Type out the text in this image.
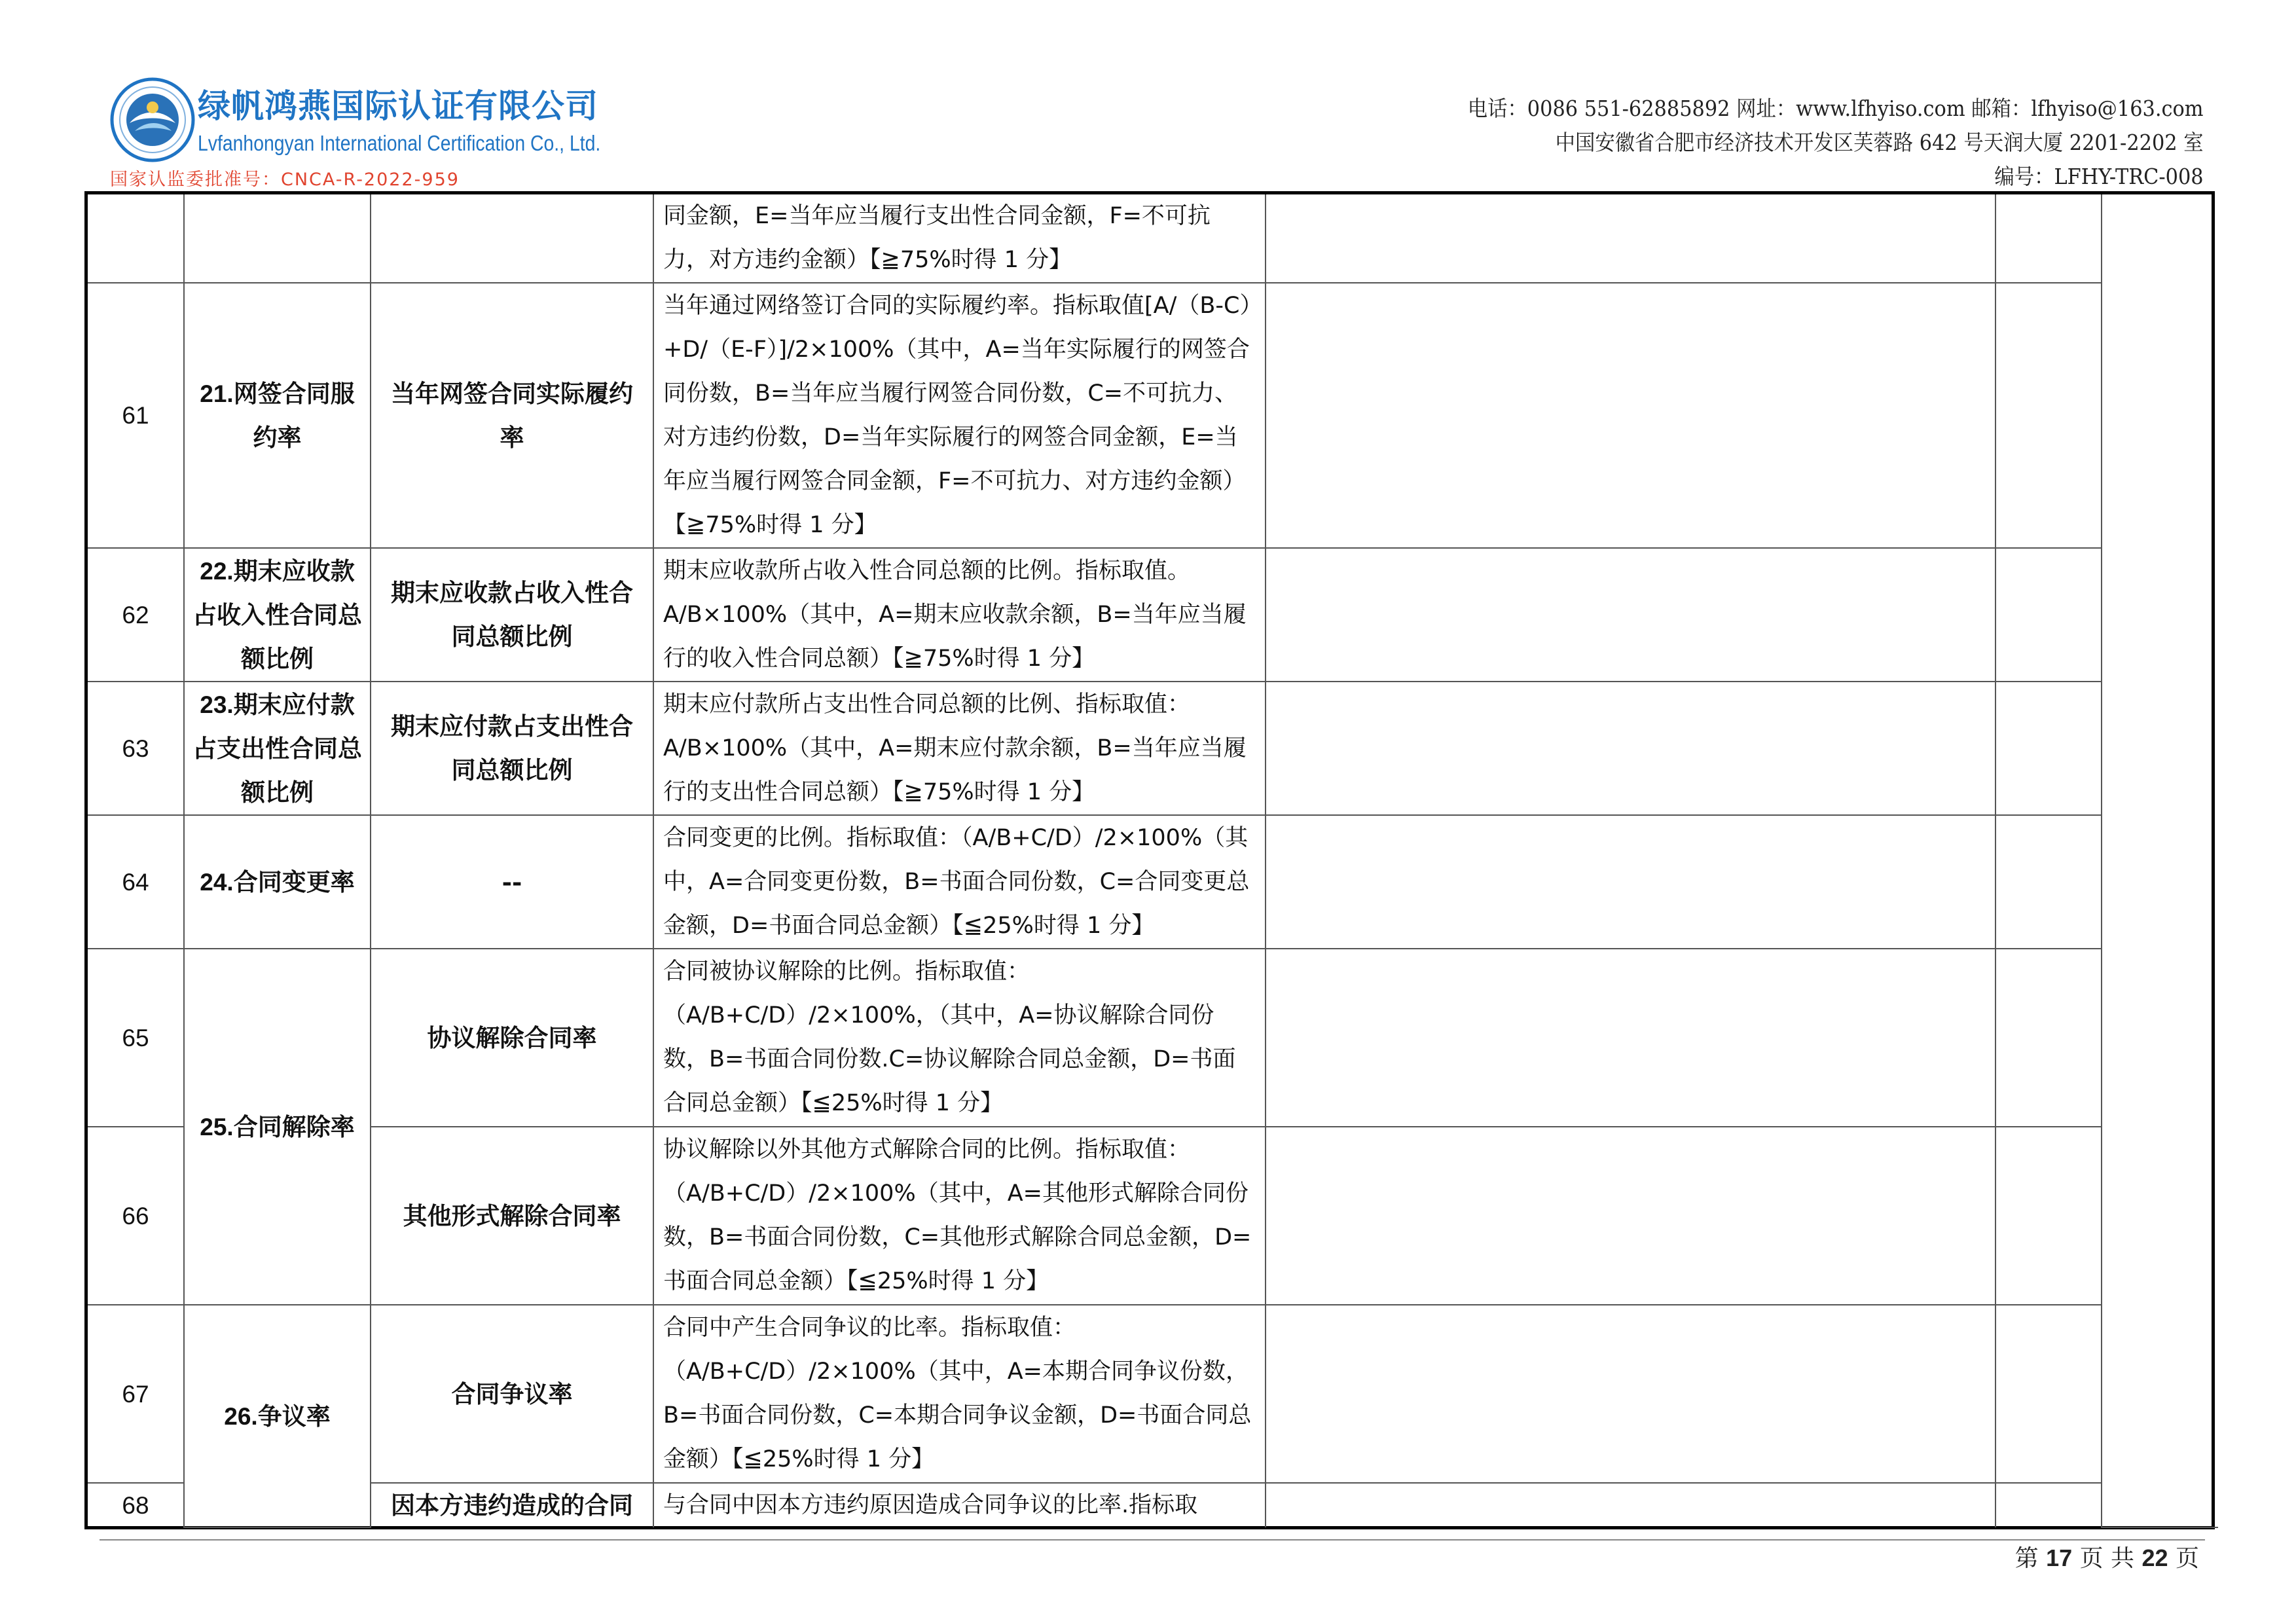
绿帆鸿燕国际认证有限公司
Lvfanhongyan International Certification Co., Ltd.
国家认监委批准号：CNCA-R-2022-959
电话：0086 551-62885892 网址：www.lfhyiso.com 邮箱：lfhyiso@163.com
中国安徽省合肥市经济技术开发区芙蓉路 642 号天润大厦 2201-2202 室
编号：LFHY-TRC-008
			同金额，E=当年应当履行支出性合同金额，F=不可抗力，对方违约金额）【≧75%时得 1 分】			
61	21.网签合同服约率	当年网签合同实际履约率	当年通过网络签订合同的实际履约率。指标取值[A/（B-C）+D/（E-F）]/2×100%（其中，A=当年实际履行的网签合同份数，B=当年应当履行网签合同份数，C=不可抗力、对方违约份数，D=当年实际履行的网签合同金额，E=当年应当履行网签合同金额，F=不可抗力、对方违约金额）【≧75%时得 1 分】			
62	22.期末应收款占收入性合同总额比例	期末应收款占收入性合同总额比例	期末应收款所占收入性合同总额的比例。指标取值。A/B×100%（其中，A=期末应收款余额，B=当年应当履行的收入性合同总额）【≧75%时得 1 分】			
63	23.期末应付款占支出性合同总额比例	期末应付款占支出性合同总额比例	期末应付款所占支出性合同总额的比例、指标取值：A/B×100%（其中，A=期末应付款余额，B=当年应当履行的支出性合同总额）【≧75%时得 1 分】			
64	24.合同变更率	--	合同变更的比例。指标取值：（A/B+C/D）/2×100%（其中，A=合同变更份数，B=书面合同份数，C=合同变更总金额，D=书面合同总金额）【≦25%时得 1 分】			
65	25.合同解除率	协议解除合同率	合同被协议解除的比例。指标取值：（A/B+C/D）/2×100%，（其中，A=协议解除合同份数，B=书面合同份数.C=协议解除合同总金额，D=书面合同总金额）【≦25%时得 1 分】			
66		其他形式解除合同率	协议解除以外其他方式解除合同的比例。指标取值：（A/B+C/D）/2×100%（其中，A=其他形式解除合同份数，B=书面合同份数，C=其他形式解除合同总金额，D=书面合同总金额）【≦25%时得 1 分】			
67	26.争议率	合同争议率	合同中产生合同争议的比率。指标取值：（A/B+C/D）/2×100%（其中，A=本期合同争议份数，B=书面合同份数，C=本期合同争议金额，D=书面合同总金额）【≦25%时得 1 分】			
68		因本方违约造成的合同	与合同中因本方违约原因造成合同争议的比率.指标取			
第 17 页 共 22 页
